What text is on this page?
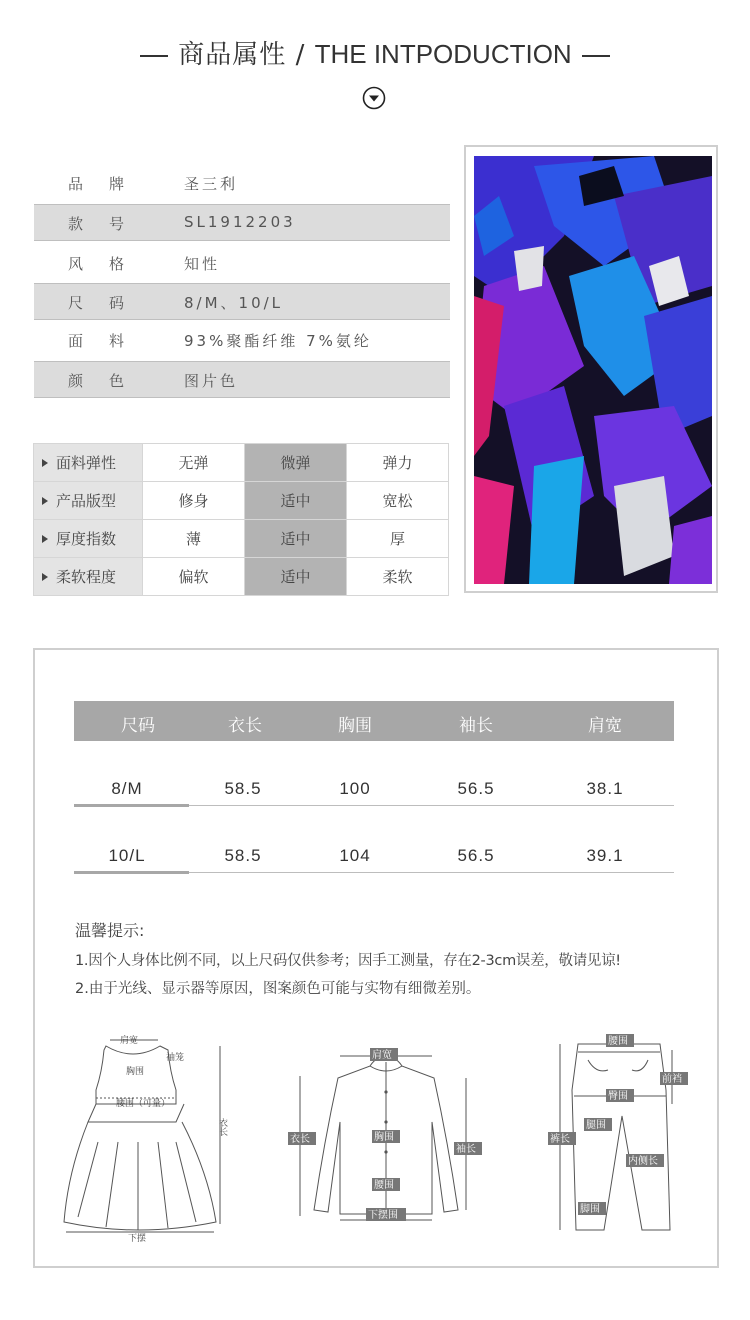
商品属性 / THE INTPODUCTION
品牌 圣三利
款号 SL1912203
风格 知性
尺码 8/M、10/L
面料 93%聚酯纤维 7%氨纶
颜色 图片色
面料弹性	无弹	微弹	弹力
产品版型	修身	适中	宽松
厚度指数	薄	适中	厚
柔软程度	偏软	适中	柔软
尺码	衣长	胸围	袖长	肩宽
8/M	58.5	100	56.5	38.1
10/L	58.5	104	56.5	39.1
温馨提示:
1.因个人身体比例不同，以上尺码仅供参考；因手工测量，存在2-3cm误差，敬请见谅!
2.由于光线、显示器等原因，图案颜色可能与实物有细微差别。
肩宽
袖笼
胸围
腰围（可量）
衣长
下摆
肩宽
衣长	胸围
袖长
腰围
下摆围
腰围
前裆
臀围
腿围
裤长
内侧长
脚围
